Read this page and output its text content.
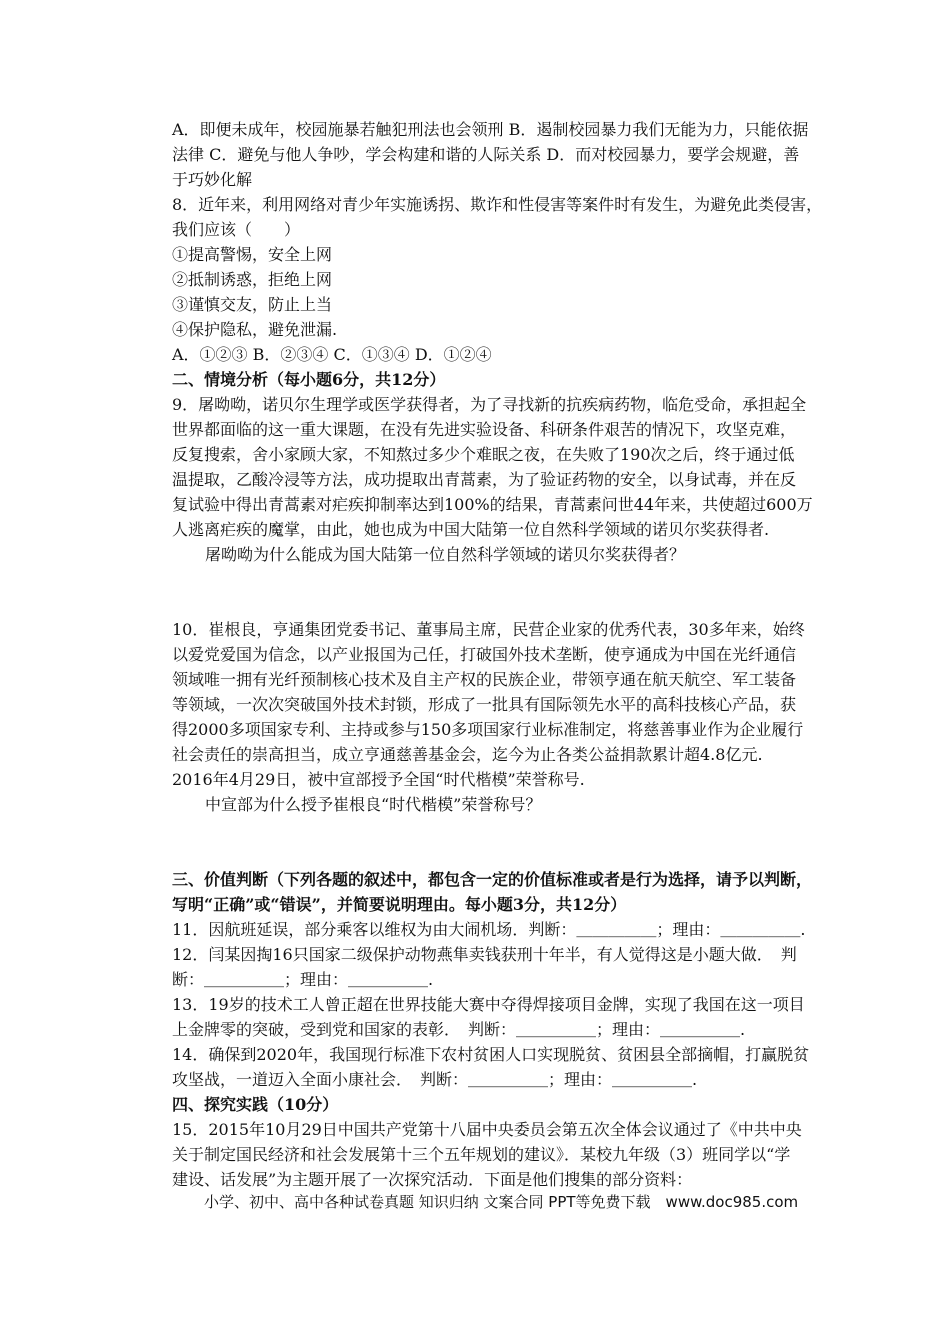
A．即便未成年，校园施暴若触犯刑法也会领刑 B．遏制校园暴力我们无能为力，只能依据
法律 C．避免与他人争吵，学会构建和谐的人际关系 D．而对校园暴力，要学会规避，善
于巧妙化解
8．近年来，利用网络对青少年实施诱拐、欺诈和性侵害等案件时有发生，为避免此类侵害，
我们应该（　　）
①提高警惕，安全上网
②抵制诱惑，拒绝上网
③谨慎交友，防止上当
④保护隐私，避免泄漏.
A．①②③ B．②③④ C．①③④ D．①②④
二、情境分析（每小题6分，共12分）
9．屠呦呦，诺贝尔生理学或医学获得者，为了寻找新的抗疾病药物，临危受命，承担起全
世界都面临的这一重大课题，在没有先进实验设备、科研条件艰苦的情况下，攻坚克难，
反复搜索，舍小家顾大家，不知熬过多少个难眠之夜，在失败了190次之后，终于通过低
温提取，乙酸冷浸等方法，成功提取出青蒿素，为了验证药物的安全，以身试毒，并在反
复试验中得出青蒿素对疟疾抑制率达到100%的结果，青蒿素问世44年来，共使超过600万
人逃离疟疾的魔掌，由此，她也成为中国大陆第一位自然科学领域的诺贝尔奖获得者.
屠呦呦为什么能成为国大陆第一位自然科学领域的诺贝尔奖获得者？
10．崔根良，亨通集团党委书记、董事局主席，民营企业家的优秀代表，30多年来，始终
以爱党爱国为信念，以产业报国为己任，打破国外技术垄断，使亨通成为中国在光纤通信
领域唯一拥有光纤预制核心技术及自主产权的民族企业，带领亨通在航天航空、军工装备
等领域，一次次突破国外技术封锁，形成了一批具有国际领先水平的高科技核心产品，获
得2000多项国家专利、主持或参与150多项国家行业标准制定，将慈善事业作为企业履行
社会责任的崇高担当，成立亨通慈善基金会，迄今为止各类公益捐款累计超4.8亿元.
2016年4月29日，被中宣部授予全国“时代楷模”荣誉称号.
中宣部为什么授予崔根良“时代楷模”荣誉称号？
三、价值判断（下列各题的叙述中，都包含一定的价值标准或者是行为选择，请予以判断，
写明“正确”或“错误”，并简要说明理由。每小题3分，共12分）
11．因航班延误，部分乘客以维权为由大闹机场．判断：＿＿＿＿＿；理由：＿＿＿＿＿.
12．闫某因掏16只国家二级保护动物燕隼卖钱获刑十年半，有人觉得这是小题大做．　判
断：＿＿＿＿＿；理由：＿＿＿＿＿.
13．19岁的技术工人曾正超在世界技能大赛中夺得焊接项目金牌，实现了我国在这一项目
上金牌零的突破，受到党和国家的表彰．　判断：＿＿＿＿＿；理由：＿＿＿＿＿.
14．确保到2020年，我国现行标准下农村贫困人口实现脱贫、贫困县全部摘帽，打赢脱贫
攻坚战，一道迈入全面小康社会．　判断：＿＿＿＿＿；理由：＿＿＿＿＿.
四、探究实践（10分）
15．2015年10月29日中国共产党第十八届中央委员会第五次全体会议通过了《中共中央
关于制定国民经济和社会发展第十三个五年规划的建议》．某校九年级（3）班同学以“学
建设、话发展”为主题开展了一次探究活动．下面是他们搜集的部分资料：
小学、初中、高中各种试卷真题 知识归纳 文案合同 PPT等免费下载　www.doc985.com
